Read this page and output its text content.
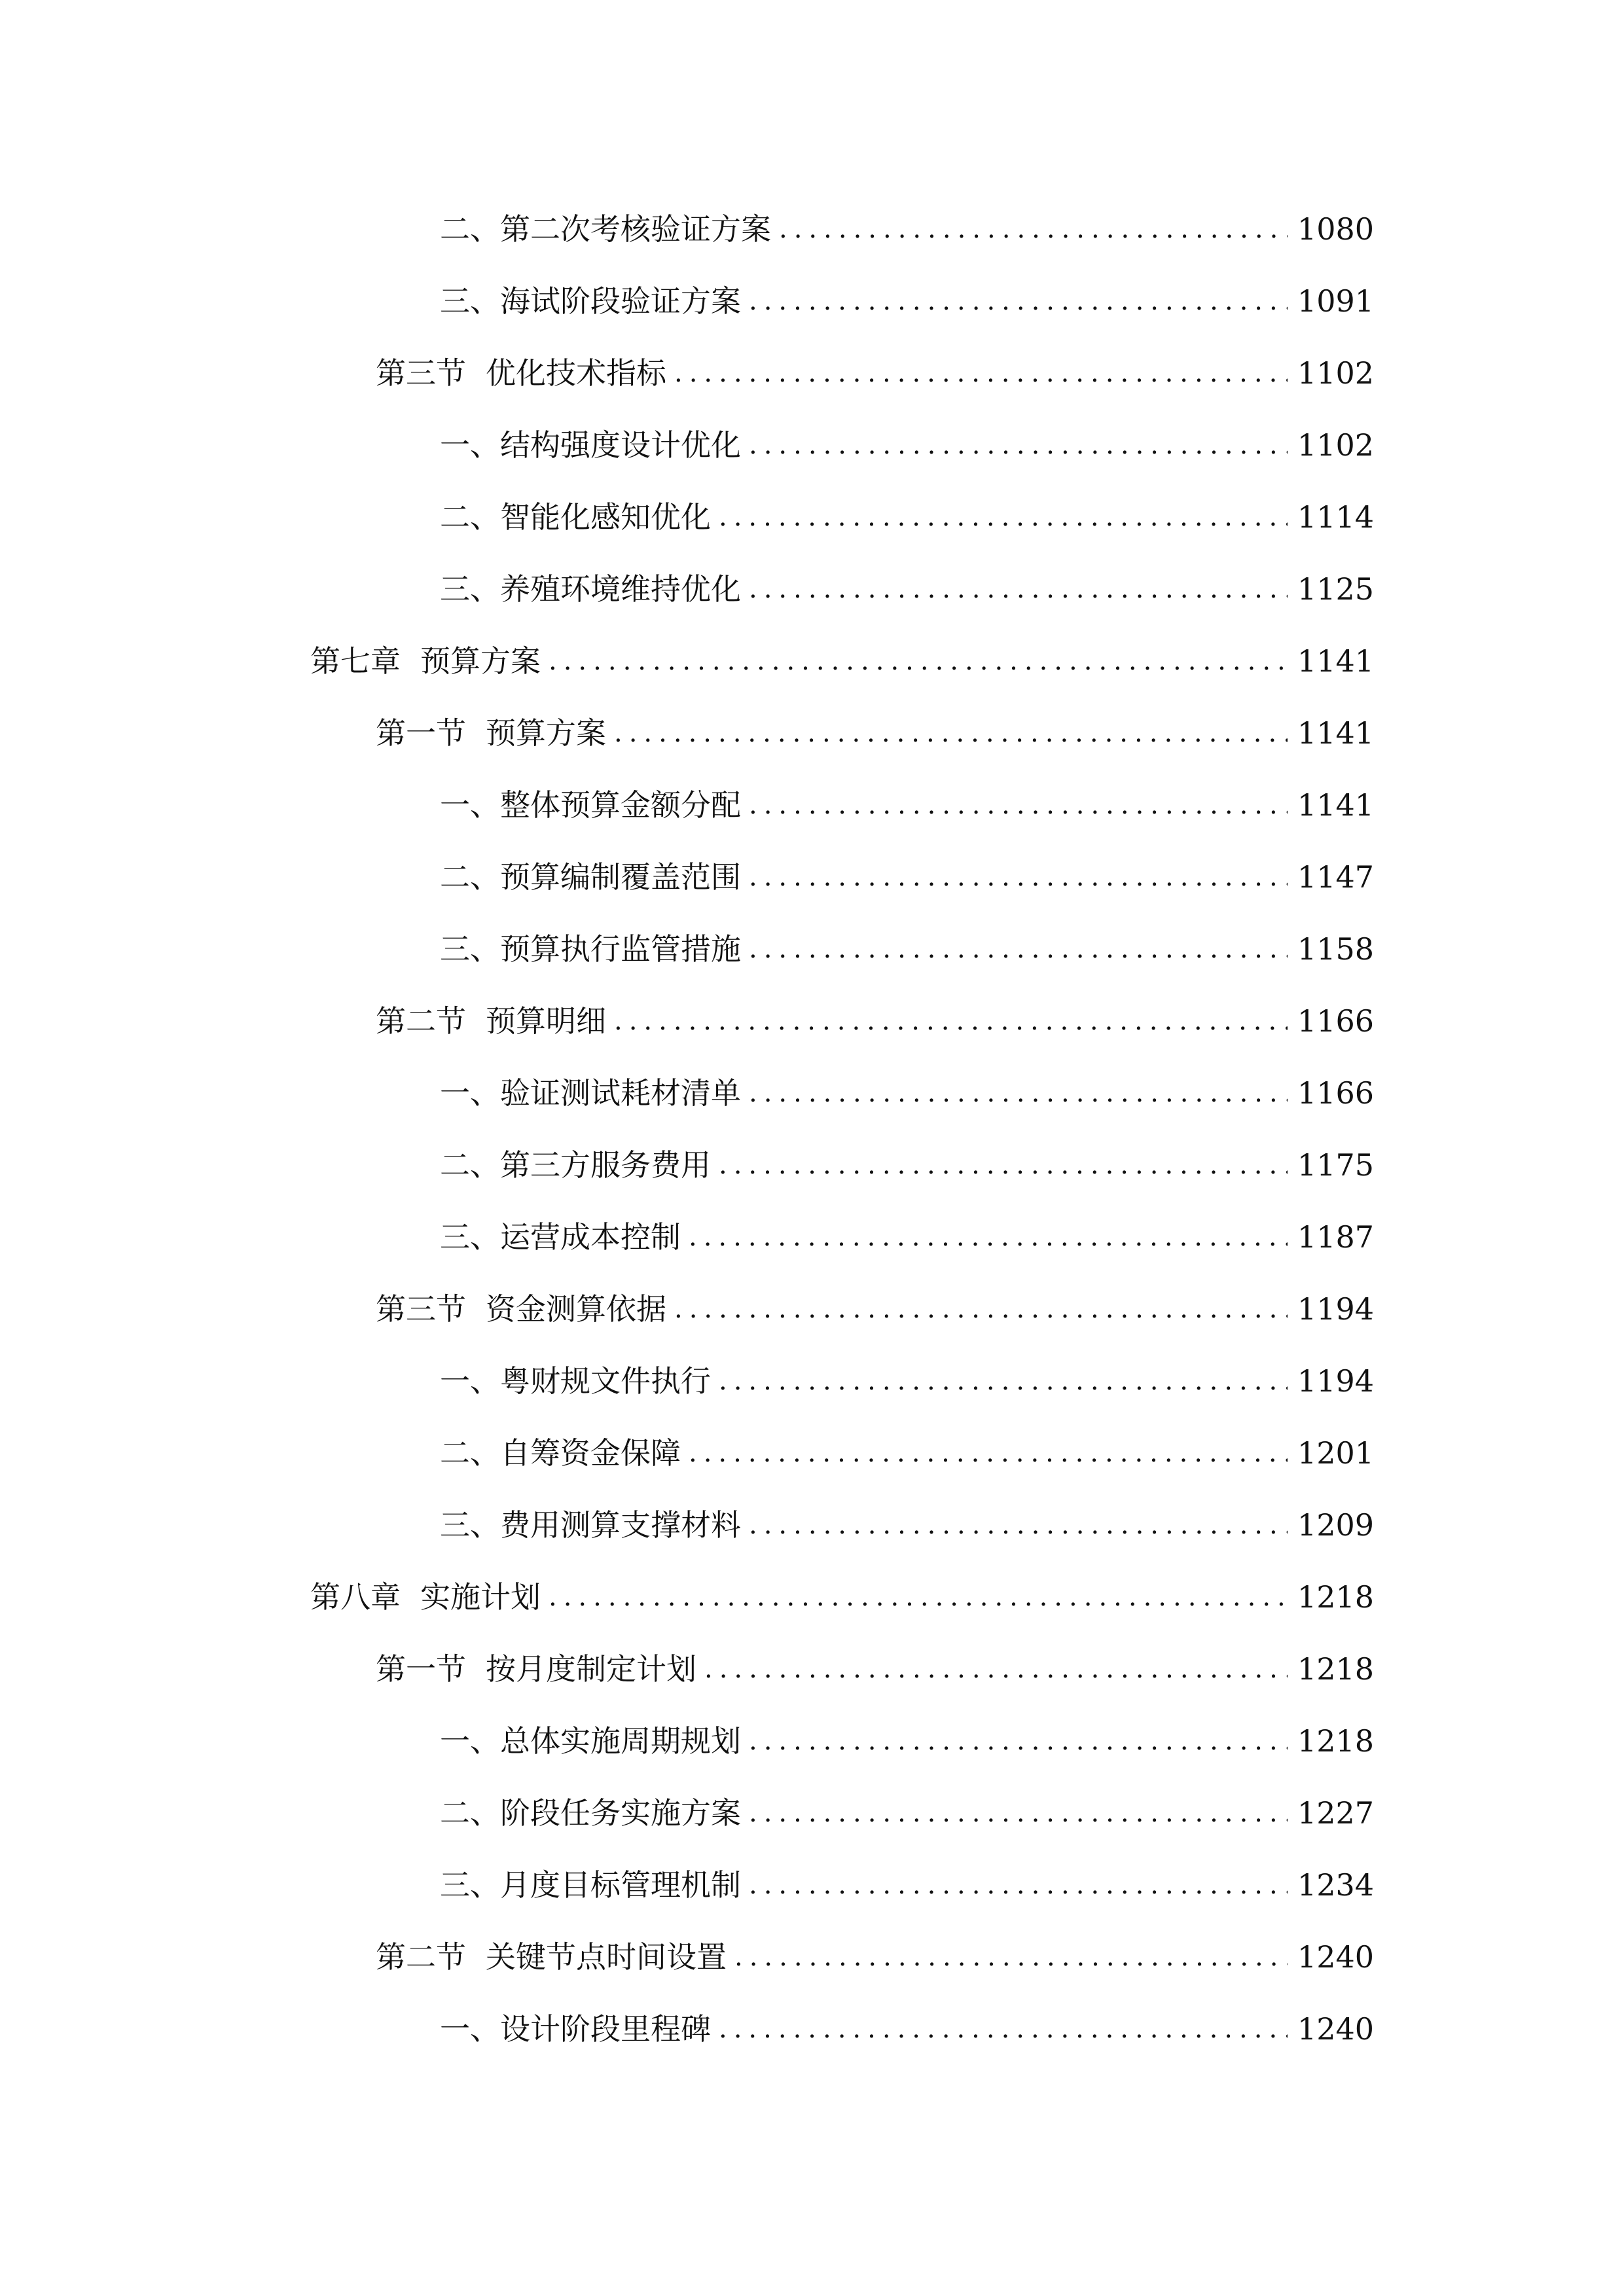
二、 第二次考核验证方案 .....	1080
三、 海试阶段验证方案 .....	1091
第三节 优化技术指标 .....	1102
一、 结构强度设计优化 .....	1102
二、 智能化感知优化 .....	1114
三、 养殖环境维持优化 .....	1125
第七章 预算方案 .....	1141
第一节 预算方案 .....	1141
一、 整体预算金额分配 .....	1141
二、 预算编制覆盖范围 .....	1147
三、 预算执行监管措施 .....	1158
第二节 预算明细 .....	1166
一、 验证测试耗材清单 .....	1166
二、 第三方服务费用 .....	1175
三、 运营成本控制 .....	1187
第三节 资金测算依据 .....	1194
一、 粤财规文件执行 .....	1194
二、 自筹资金保障 .....	1201
三、 费用测算支撑材料 .....	1209
第八章 实施计划 .....	1218
第一节 按月度制定计划 .....	1218
一、 总体实施周期规划 .....	1218
二、 阶段任务实施方案 .....	1227
三、 月度目标管理机制 .....	1234
第二节 关键节点时间设置 .....	1240
一、 设计阶段里程碑 .....	1240
